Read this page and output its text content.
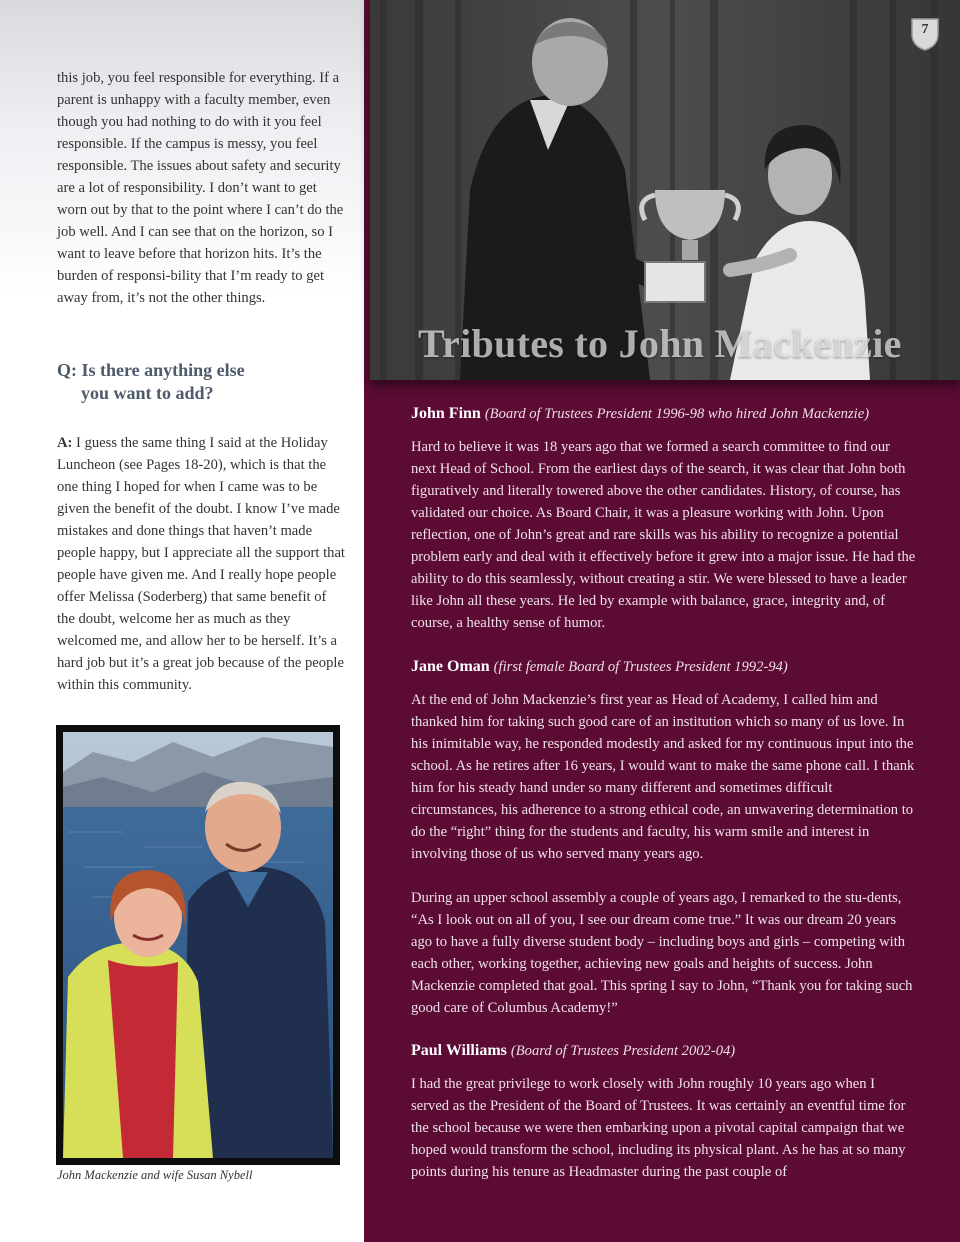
this job, you feel responsible for everything. If a parent is unhappy with a faculty member, even though you had nothing to do with it you feel responsible. If the campus is messy, you feel responsible. The issues about safety and security are a lot of responsibility. I don’t want to get worn out by that to the point where I can’t do the job well. And I can see that on the horizon, so I want to leave before that horizon hits. It’s the burden of responsi-bility that I’m ready to get away from, it’s not the other things.
Q: Is there anything else
you want to add?
A: I guess the same thing I said at the Holiday Luncheon (see Pages 18-20), which is that the one thing I hoped for when I came was to be given the benefit of the doubt. I know I’ve made mistakes and done things that haven’t made people happy, but I appreciate all the support that people have given me. And I really hope people offer Melissa (Soderberg) that same benefit of the doubt, welcome her as much as they welcomed me, and allow her to be herself. It’s a hard job but it’s a great job because of the people within this community.
John Mackenzie and wife Susan Nybell
Tributes to John Mackenzie
7
John Finn (Board of Trustees President 1996-98 who hired John Mackenzie)

Hard to believe it was 18 years ago that we formed a search committee to find our next Head of School. From the earliest days of the search, it was clear that John both figuratively and literally towered above the other candidates. History, of course, has validated our choice. As Board Chair, it was a pleasure working with John. Upon reflection, one of John’s great and rare skills was his ability to recognize a potential problem early and deal with it effectively before it grew into a major issue. He had the ability to do this seamlessly, without creating a stir. We were blessed to have a leader like John all these years. He led by example with balance, grace, integrity and, of course, a healthy sense of humor.

Jane Oman (first female Board of Trustees President 1992-94)

At the end of John Mackenzie’s first year as Head of Academy, I called him and thanked him for taking such good care of an institution which so many of us love. In his inimitable way, he responded modestly and asked for my continuous input into the school. As he retires after 16 years, I would want to make the same phone call. I thank him for his steady hand under so many different and sometimes difficult circumstances, his adherence to a strong ethical code, an unwavering determination to do the “right” thing for the students and faculty, his warm smile and interest in involving those of us who served many years ago.

During an upper school assembly a couple of years ago, I remarked to the stu-dents, “As I look out on all of you, I see our dream come true.” It was our dream 20 years ago to have a fully diverse student body – including boys and girls – competing with each other, working together, achieving new goals and heights of success. John Mackenzie completed that goal. This spring I say to John, “Thank you for taking such good care of Columbus Academy!”

Paul Williams (Board of Trustees President 2002-04)

I had the great privilege to work closely with John roughly 10 years ago when I served as the President of the Board of Trustees. It was certainly an eventful time for the school because we were then embarking upon a pivotal capital campaign that we hoped would transform the school, including its physical plant. As he has at so many points during his tenure as Headmaster during the past couple of
